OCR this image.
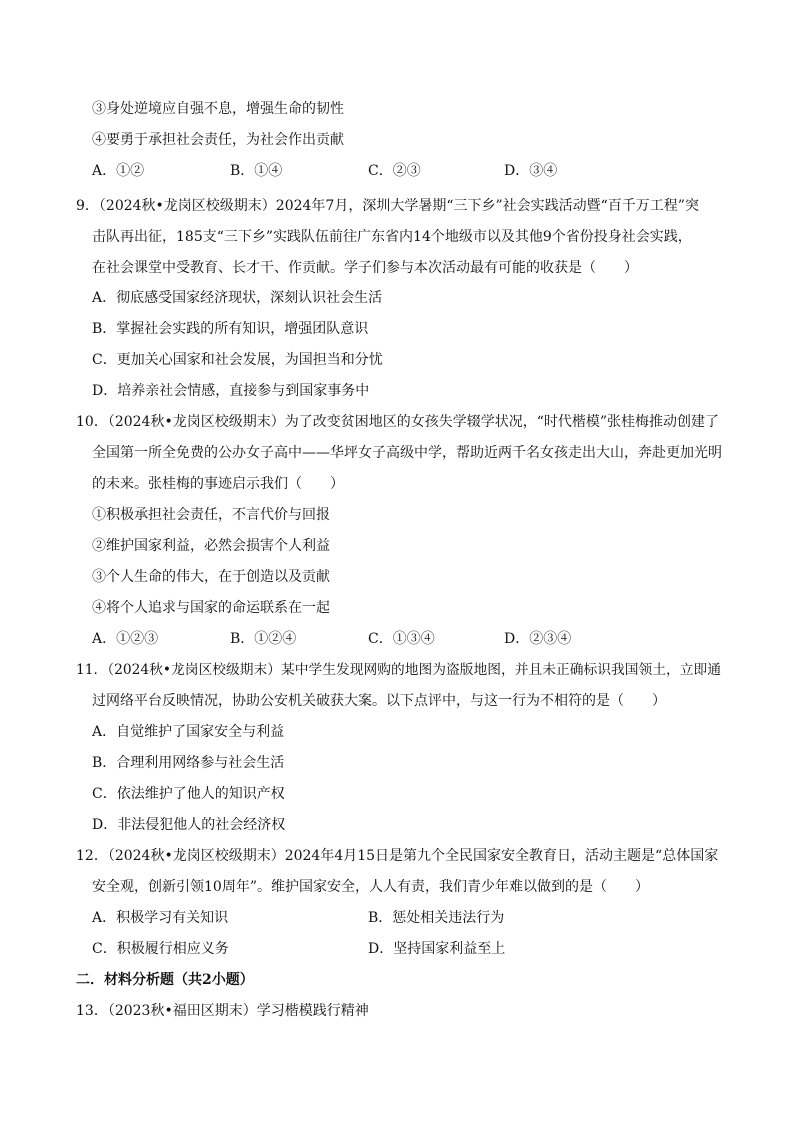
③身处逆境应自强不息，增强生命的韧性
④要勇于承担社会责任，为社会作出贡献
A．①②	B．①④	C．②③	D．③④
9．（2024秋•龙岗区校级期末）2024年7月，深圳大学暑期“三下乡”社会实践活动暨“百千万工程”突
击队再出征，185支“三下乡”实践队伍前往广东省内14个地级市以及其他9个省份投身社会实践，
在社会课堂中受教育、长才干、作贡献。学子们参与本次活动最有可能的收获是（　　）
A．彻底感受国家经济现状，深刻认识社会生活
B．掌握社会实践的所有知识，增强团队意识
C．更加关心国家和社会发展，为国担当和分忧
D．培养亲社会情感，直接参与到国家事务中
10．（2024秋•龙岗区校级期末）为了改变贫困地区的女孩失学辍学状况，“时代楷模”张桂梅推动创建了
全国第一所全免费的公办女子高中——华坪女子高级中学，帮助近两千名女孩走出大山，奔赴更加光明
的未来。张桂梅的事迹启示我们（　　）
①积极承担社会责任，不言代价与回报
②维护国家利益，必然会损害个人利益
③个人生命的伟大，在于创造以及贡献
④将个人追求与国家的命运联系在一起
A．①②③	B．①②④	C．①③④	D．②③④
11．（2024秋•龙岗区校级期末）某中学生发现网购的地图为盗版地图，并且未正确标识我国领土，立即通
过网络平台反映情况，协助公安机关破获大案。以下点评中，与这一行为不相符的是（　　）
A．自觉维护了国家安全与利益
B．合理利用网络参与社会生活
C．依法维护了他人的知识产权
D．非法侵犯他人的社会经济权
12．（2024秋•龙岗区校级期末）2024年4月15日是第九个全民国家安全教育日，活动主题是“总体国家
安全观，创新引领10周年”。维护国家安全，人人有责，我们青少年难以做到的是（　　）
A．积极学习有关知识	B．惩处相关违法行为
C．积极履行相应义务	D．坚持国家利益至上
二．材料分析题（共2小题）
13．（2023秋•福田区期末）学习楷模践行精神
